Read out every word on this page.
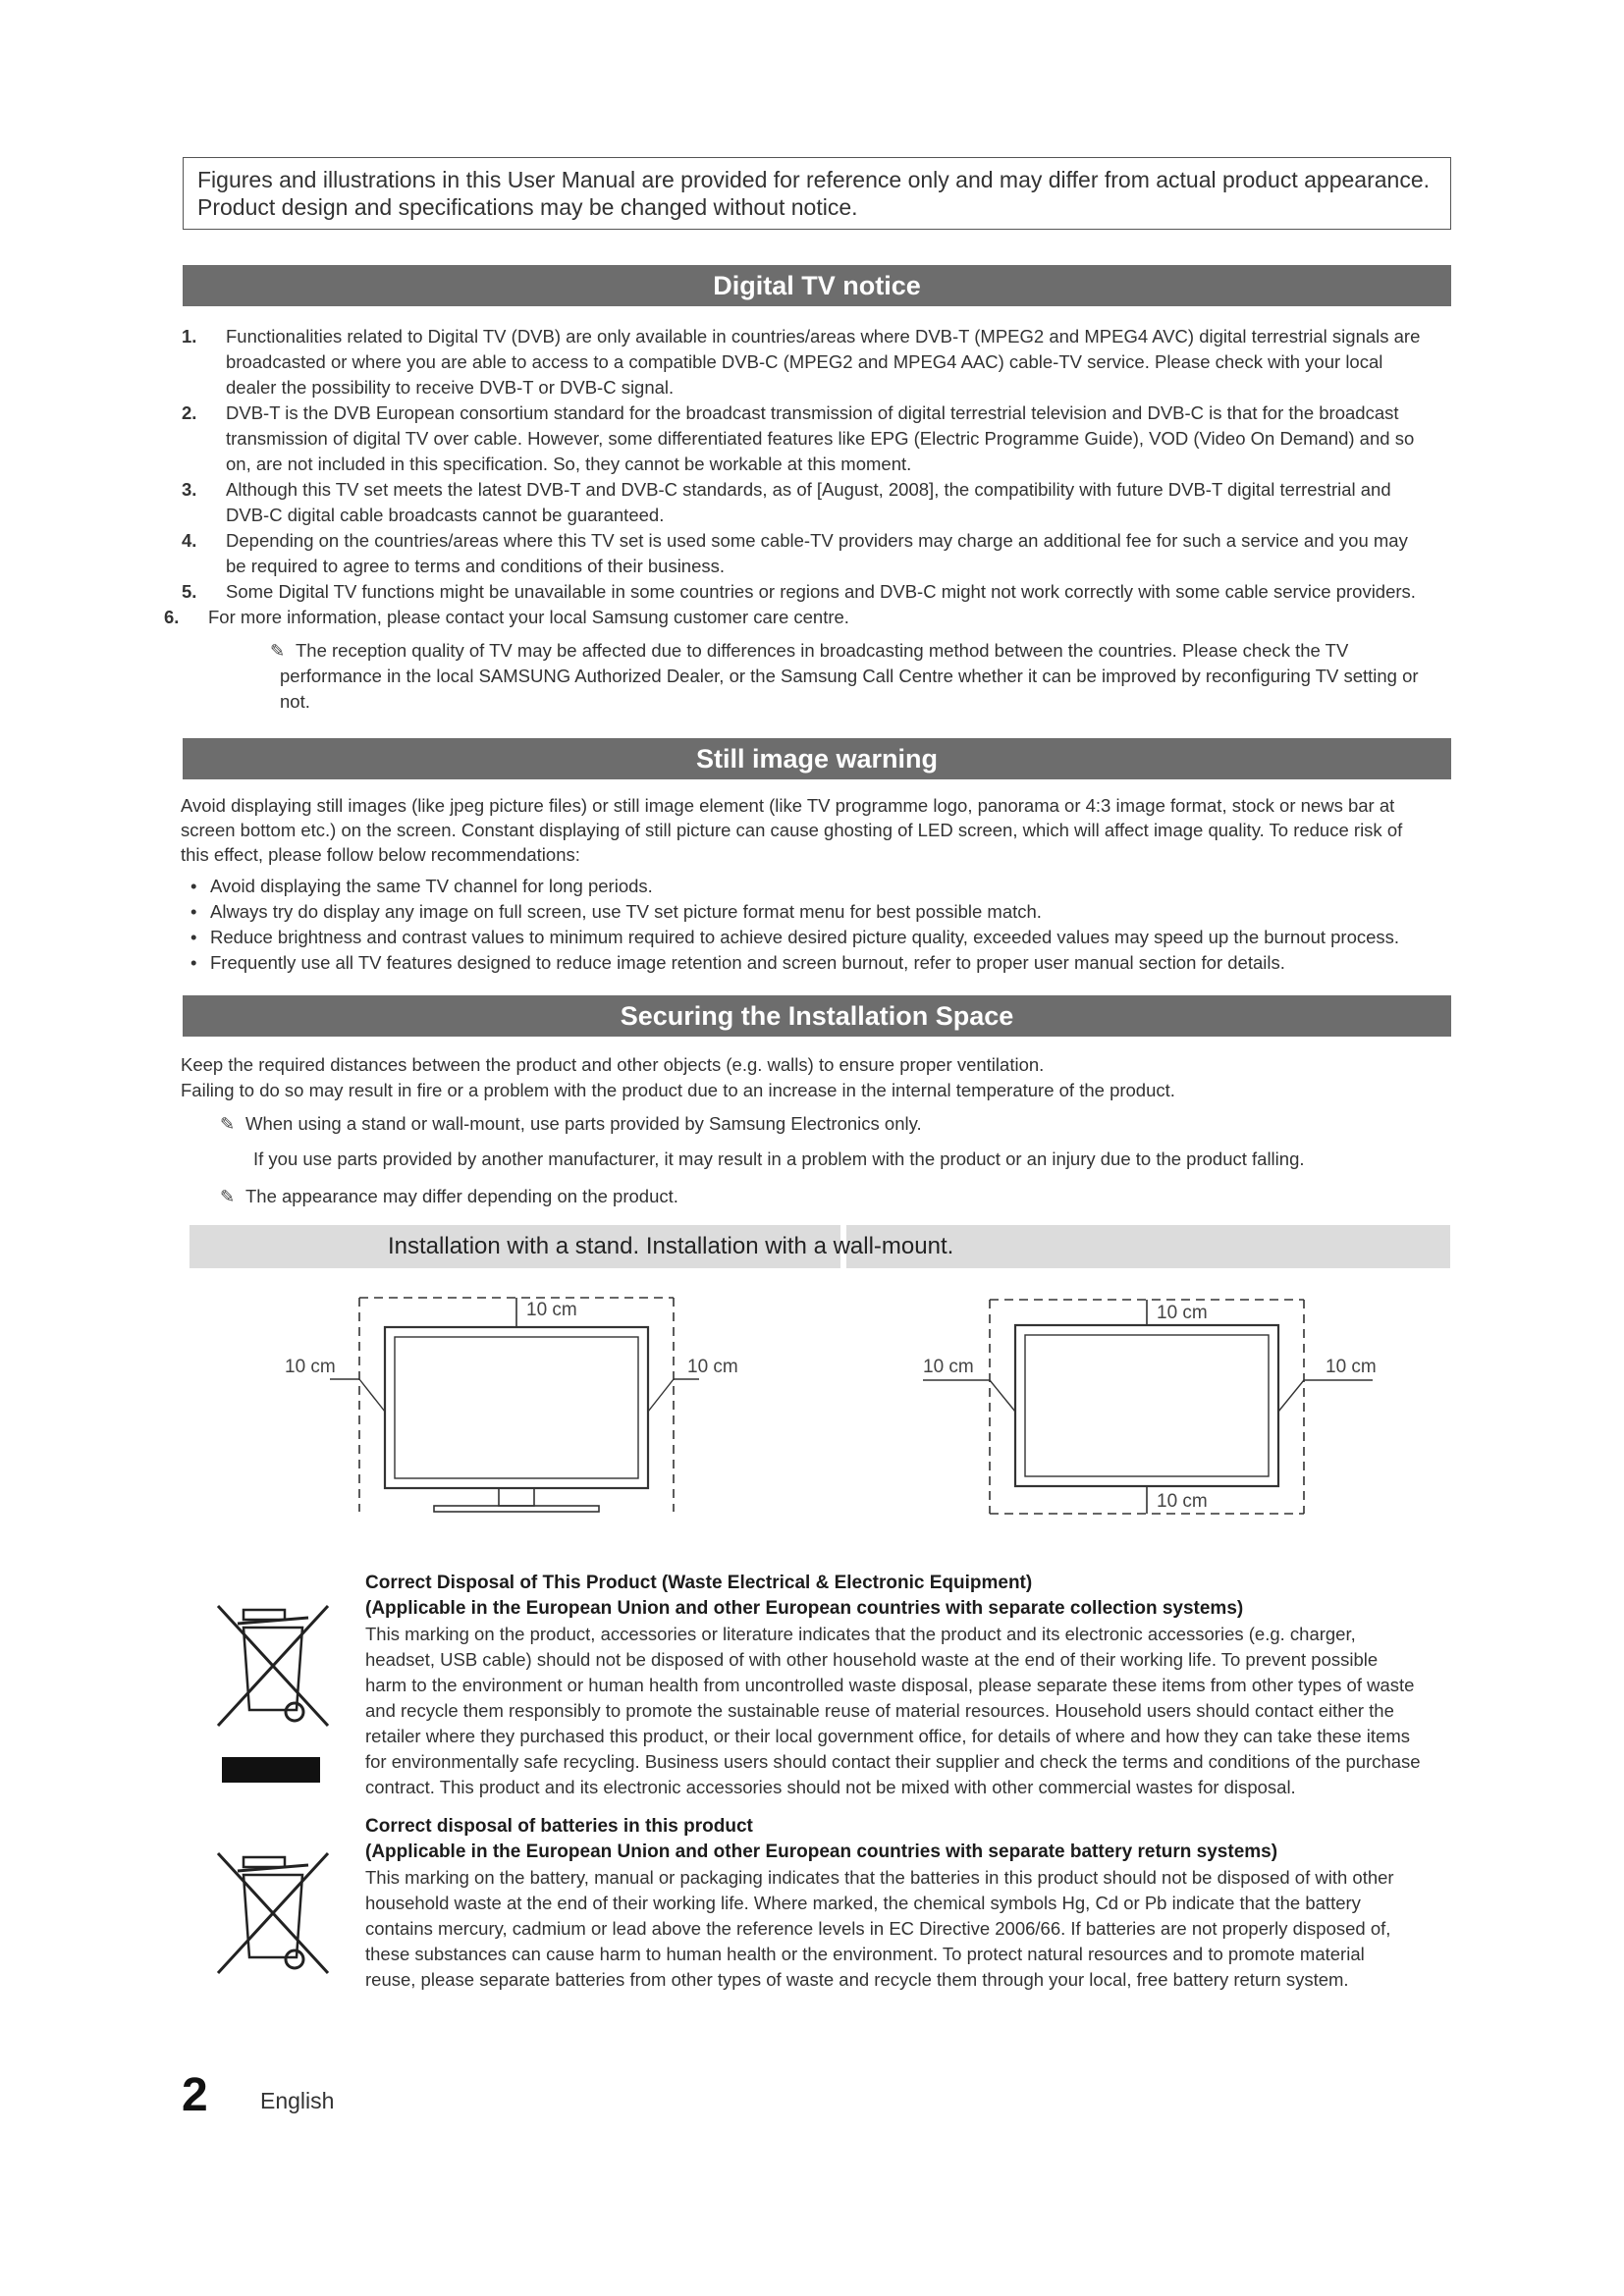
Figures and illustrations in this User Manual are provided for reference only and may differ from actual product appearance.
Product design and specifications may be changed without notice.
Digital TV notice
1. Functionalities related to Digital TV (DVB) are only available in countries/areas where DVB-T (MPEG2 and MPEG4 AVC) digital terrestrial signals are
broadcasted or where you are able to access to a compatible DVB-C (MPEG2 and MPEG4 AAC) cable-TV service. Please check with your local
dealer the possibility to receive DVB-T or DVB-C signal.
2. DVB-T is the DVB European consortium standard for the broadcast transmission of digital terrestrial television and DVB-C is that for the broadcast
transmission of digital TV over cable. However, some differentiated features like EPG (Electric Programme Guide), VOD (Video On Demand) and so
on, are not included in this specification. So, they cannot be workable at this moment.
3. Although this TV set meets the latest DVB-T and DVB-C standards, as of [August, 2008], the compatibility with future DVB-T digital terrestrial and
DVB-C digital cable broadcasts cannot be guaranteed.
4. Depending on the countries/areas where this TV set is used some cable-TV providers may charge an additional fee for such a service and you may
be required to agree to terms and conditions of their business.
5. Some Digital TV functions might be unavailable in some countries or regions and DVB-C might not work correctly with some cable service providers.
6. For more information, please contact your local Samsung customer care centre.
✎ The reception quality of TV may be affected due to differences in broadcasting method between the countries. Please check the TV
performance in the local SAMSUNG Authorized Dealer, or the Samsung Call Centre whether it can be improved by reconfiguring TV setting or
not.
Still image warning
Avoid displaying still images (like jpeg picture files) or still image element (like TV programme logo, panorama or 4:3 image format, stock or news bar at
screen bottom etc.) on the screen. Constant displaying of still picture can cause ghosting of LED screen, which will affect image quality. To reduce risk of
this effect, please follow below recommendations:
• Avoid displaying the same TV channel for long periods.
• Always try do display any image on full screen, use TV set picture format menu for best possible match.
• Reduce brightness and contrast values to minimum required to achieve desired picture quality, exceeded values may speed up the burnout process.
• Frequently use all TV features designed to reduce image retention and screen burnout, refer to proper user manual section for details.
Securing the Installation Space
Keep the required distances between the product and other objects (e.g. walls) to ensure proper ventilation.
Failing to do so may result in fire or a problem with the product due to an increase in the internal temperature of the product.
✎ When using a stand or wall-mount, use parts provided by Samsung Electronics only.
If you use parts provided by another manufacturer, it may result in a problem with the product or an injury due to the product falling.
✎ The appearance may differ depending on the product.
Installation with a stand. Installation with a wall-mount.
10 cm
10 cm	10 cm
10 cm
10 cm	10 cm
10 cm
Correct Disposal of This Product (Waste Electrical & Electronic Equipment)
(Applicable in the European Union and other European countries with separate collection systems)
This marking on the product, accessories or literature indicates that the product and its electronic accessories (e.g. charger,
headset, USB cable) should not be disposed of with other household waste at the end of their working life. To prevent possible
harm to the environment or human health from uncontrolled waste disposal, please separate these items from other types of waste
and recycle them responsibly to promote the sustainable reuse of material resources. Household users should contact either the
retailer where they purchased this product, or their local government office, for details of where and how they can take these items
for environmentally safe recycling. Business users should contact their supplier and check the terms and conditions of the purchase
contract. This product and its electronic accessories should not be mixed with other commercial wastes for disposal.
Correct disposal of batteries in this product
(Applicable in the European Union and other European countries with separate battery return systems)
This marking on the battery, manual or packaging indicates that the batteries in this product should not be disposed of with other
household waste at the end of their working life. Where marked, the chemical symbols Hg, Cd or Pb indicate that the battery
contains mercury, cadmium or lead above the reference levels in EC Directive 2006/66. If batteries are not properly disposed of,
these substances can cause harm to human health or the environment. To protect natural resources and to promote material
reuse, please separate batteries from other types of waste and recycle them through your local, free battery return system.
2 English
